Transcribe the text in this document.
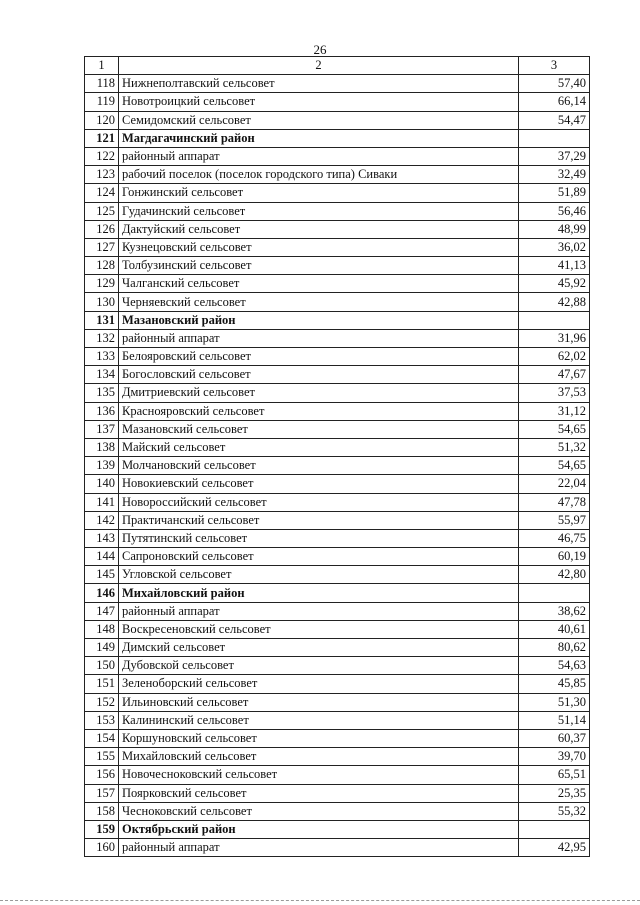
26
1	2	3
118	Нижнеполтавский сельсовет	57,40
119	Новотроицкий сельсовет	66,14
120	Семидомский сельсовет	54,47
121	Магдагачинский район	
122	районный аппарат	37,29
123	рабочий поселок (поселок городского типа) Сиваки	32,49
124	Гонжинский сельсовет	51,89
125	Гудачинский сельсовет	56,46
126	Дактуйский сельсовет	48,99
127	Кузнецовский сельсовет	36,02
128	Толбузинский сельсовет	41,13
129	Чалганский сельсовет	45,92
130	Черняевский сельсовет	42,88
131	Мазановский район	
132	районный аппарат	31,96
133	Белояровский сельсовет	62,02
134	Богословский сельсовет	47,67
135	Дмитриевский сельсовет	37,53
136	Краснояровский сельсовет	31,12
137	Мазановский сельсовет	54,65
138	Майский сельсовет	51,32
139	Молчановский сельсовет	54,65
140	Новокиевский сельсовет	22,04
141	Новороссийский сельсовет	47,78
142	Практичанский сельсовет	55,97
143	Путятинский сельсовет	46,75
144	Сапроновский сельсовет	60,19
145	Угловской сельсовет	42,80
146	Михайловский район	
147	районный аппарат	38,62
148	Воскресеновский сельсовет	40,61
149	Димский сельсовет	80,62
150	Дубовской сельсовет	54,63
151	Зеленоборский сельсовет	45,85
152	Ильиновский сельсовет	51,30
153	Калининский сельсовет	51,14
154	Коршуновский сельсовет	60,37
155	Михайловский сельсовет	39,70
156	Новочесноковский сельсовет	65,51
157	Поярковский сельсовет	25,35
158	Чесноковский сельсовет	55,32
159	Октябрьский район	
160	районный аппарат	42,95
